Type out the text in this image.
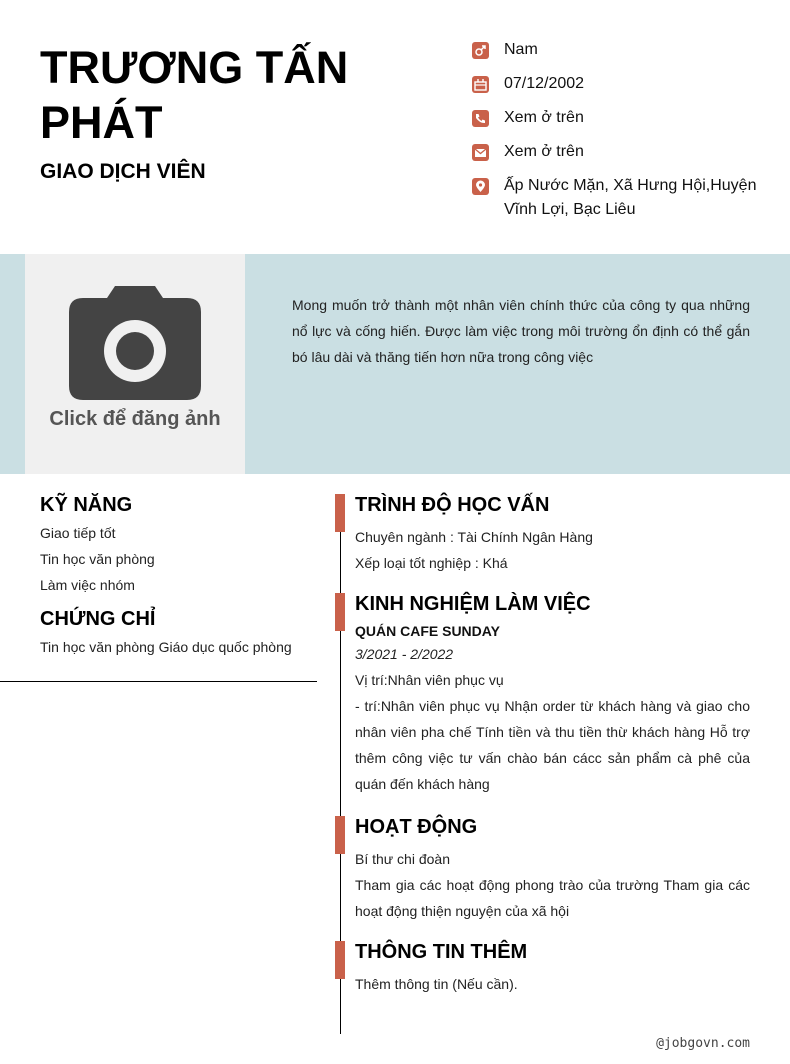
TRƯƠNG TẤN PHÁT
GIAO DỊCH VIÊN
Nam
07/12/2002
Xem ở trên
Xem ở trên
Ấp Nước Mặn, Xã Hưng Hội,Huyện Vĩnh Lợi, Bạc Liêu
Click để đăng ảnh
Mong muốn trở thành một nhân viên chính thức của công ty qua những nổ lực và cống hiến. Được làm việc trong môi trường ổn định có thể gắn bó lâu dài và thăng tiến hơn nữa trong công việc
KỸ NĂNG
Giao tiếp tốt
Tin học văn phòng
Làm việc nhóm
CHỨNG CHỈ
Tin học văn phòng Giáo dục quốc phòng
TRÌNH ĐỘ HỌC VẤN
Chuyên ngành : Tài Chính Ngân Hàng
Xếp loại tốt nghiệp : Khá
KINH NGHIỆM LÀM VIỆC
QUÁN CAFE SUNDAY
3/2021 - 2/2022
Vị trí:Nhân viên phục vụ
- trí:Nhân viên phục vụ Nhận order từ khách hàng và giao cho nhân viên pha chế Tính tiền và thu tiền thừ khách hàng Hỗ trợ thêm công việc tư vấn chào bán cácc sản phẩm cà phê của quán đến khách hàng
HOẠT ĐỘNG
Bí thư chi đoàn
Tham gia các hoạt động phong trào của trường Tham gia các hoạt động thiện nguyện của xã hội
THÔNG TIN THÊM
Thêm thông tin (Nếu cần).
@jobgovn.com
